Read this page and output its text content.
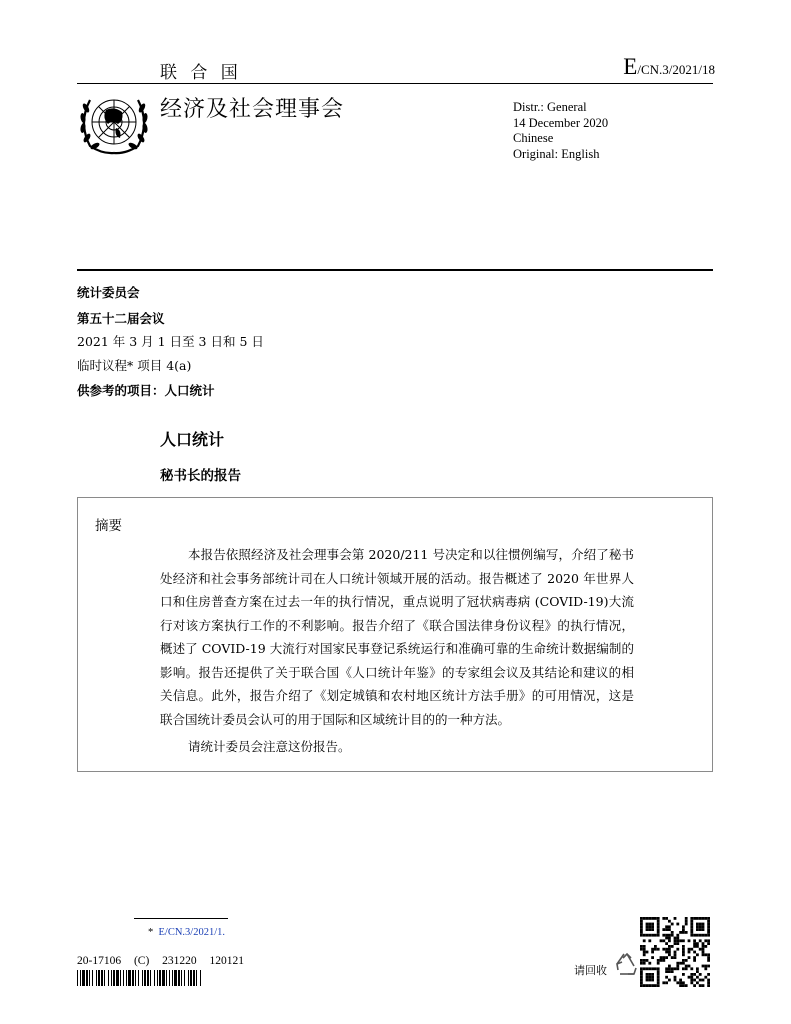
联 合 国	E/CN.3/2021/18
经济及社会理事会	Distr.: General
14 December 2020
Chinese
Original: English
统计委员会
第五十二届会议
2021 年 3 月 1 日至 3 日和 5 日
临时议程* 项目 4(a)
供参考的项目：人口统计
人口统计
秘书长的报告
摘要

本报告依照经济及社会理事会第 2020/211 号决定和以往惯例编写，介绍了秘书处经济和社会事务部统计司在人口统计领域开展的活动。报告概述了 2020 年世界人口和住房普查方案在过去一年的执行情况，重点说明了冠状病毒病 (COVID-19)大流行对该方案执行工作的不利影响。报告介绍了《联合国法律身份议程》的执行情况，概述了 COVID-19 大流行对国家民事登记系统运行和准确可靠的生命统计数据编制的影响。报告还提供了关于联合国《人口统计年鉴》的专家组会议及其结论和建议的相关信息。此外，报告介绍了《划定城镇和农村地区统计方法手册》的可用情况，这是联合国统计委员会认可的用于国际和区域统计目的的一种方法。

请统计委员会注意这份报告。
* E/CN.3/2021/1.
20-17106 (C) 231220 120121
请回收
